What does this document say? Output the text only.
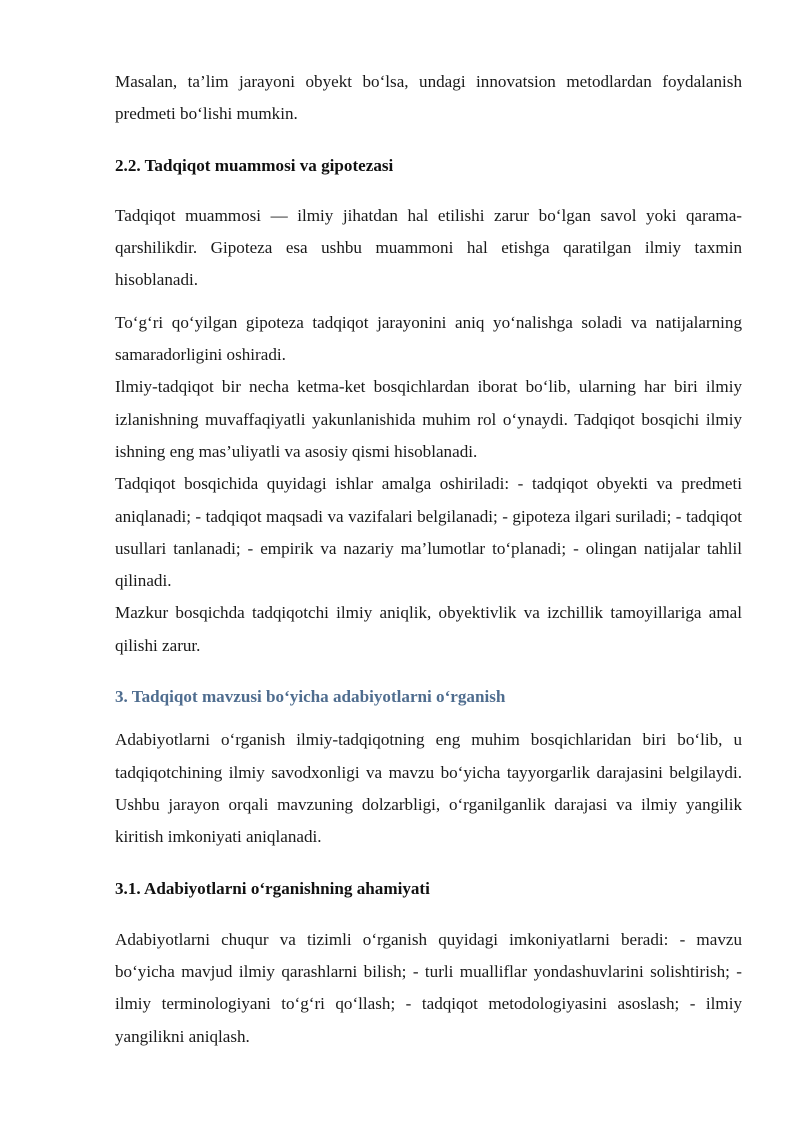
Masalan, ta’lim jarayoni obyekt bo‘lsa, undagi innovatsion metodlardan foydalanish predmeti bo‘lishi mumkin.

2.2. Tadqiqot muammosi va gipotezasi

Tadqiqot muammosi — ilmiy jihatdan hal etilishi zarur bo‘lgan savol yoki qarama-qarshilikdir. Gipoteza esa ushbu muammoni hal etishga qaratilgan ilmiy taxmin hisoblanadi.

To‘g‘ri qo‘yilgan gipoteza tadqiqot jarayonini aniq yo‘nalishga soladi va natijalarning samaradorligini oshiradi.

Ilmiy-tadqiqot bir necha ketma-ket bosqichlardan iborat bo‘lib, ularning har biri ilmiy izlanishning muvaffaqiyatli yakunlanishida muhim rol o‘ynaydi. Tadqiqot bosqichi ilmiy ishning eng mas’uliyatli va asosiy qismi hisoblanadi.

Tadqiqot bosqichida quyidagi ishlar amalga oshiriladi: - tadqiqot obyekti va predmeti aniqlanadi; - tadqiqot maqsadi va vazifalari belgilanadi; - gipoteza ilgari suriladi; - tadqiqot usullari tanlanadi; - empirik va nazariy ma’lumotlar to‘planadi; - olingan natijalar tahlil qilinadi.

Mazkur bosqichda tadqiqotchi ilmiy aniqlik, obyektivlik va izchillik tamoyillariga amal qilishi zarur.

3. Tadqiqot mavzusi bo‘yicha adabiyotlarni o‘rganish

Adabiyotlarni o‘rganish ilmiy-tadqiqotning eng muhim bosqichlaridan biri bo‘lib, u tadqiqotchining ilmiy savodxonligi va mavzu bo‘yicha tayyorgarlik darajasini belgilaydi. Ushbu jarayon orqali mavzuning dolzarbligi, o‘rganilganlik darajasi va ilmiy yangilik kiritish imkoniyati aniqlanadi.

3.1. Adabiyotlarni o‘rganishning ahamiyati

Adabiyotlarni chuqur va tizimli o‘rganish quyidagi imkoniyatlarni beradi: - mavzu bo‘yicha mavjud ilmiy qarashlarni bilish; - turli mualliflar yondashuvlarini solishtirish; - ilmiy terminologiyani to‘g‘ri qo‘llash; - tadqiqot metodologiyasini asoslash; - ilmiy yangilikni aniqlash.
